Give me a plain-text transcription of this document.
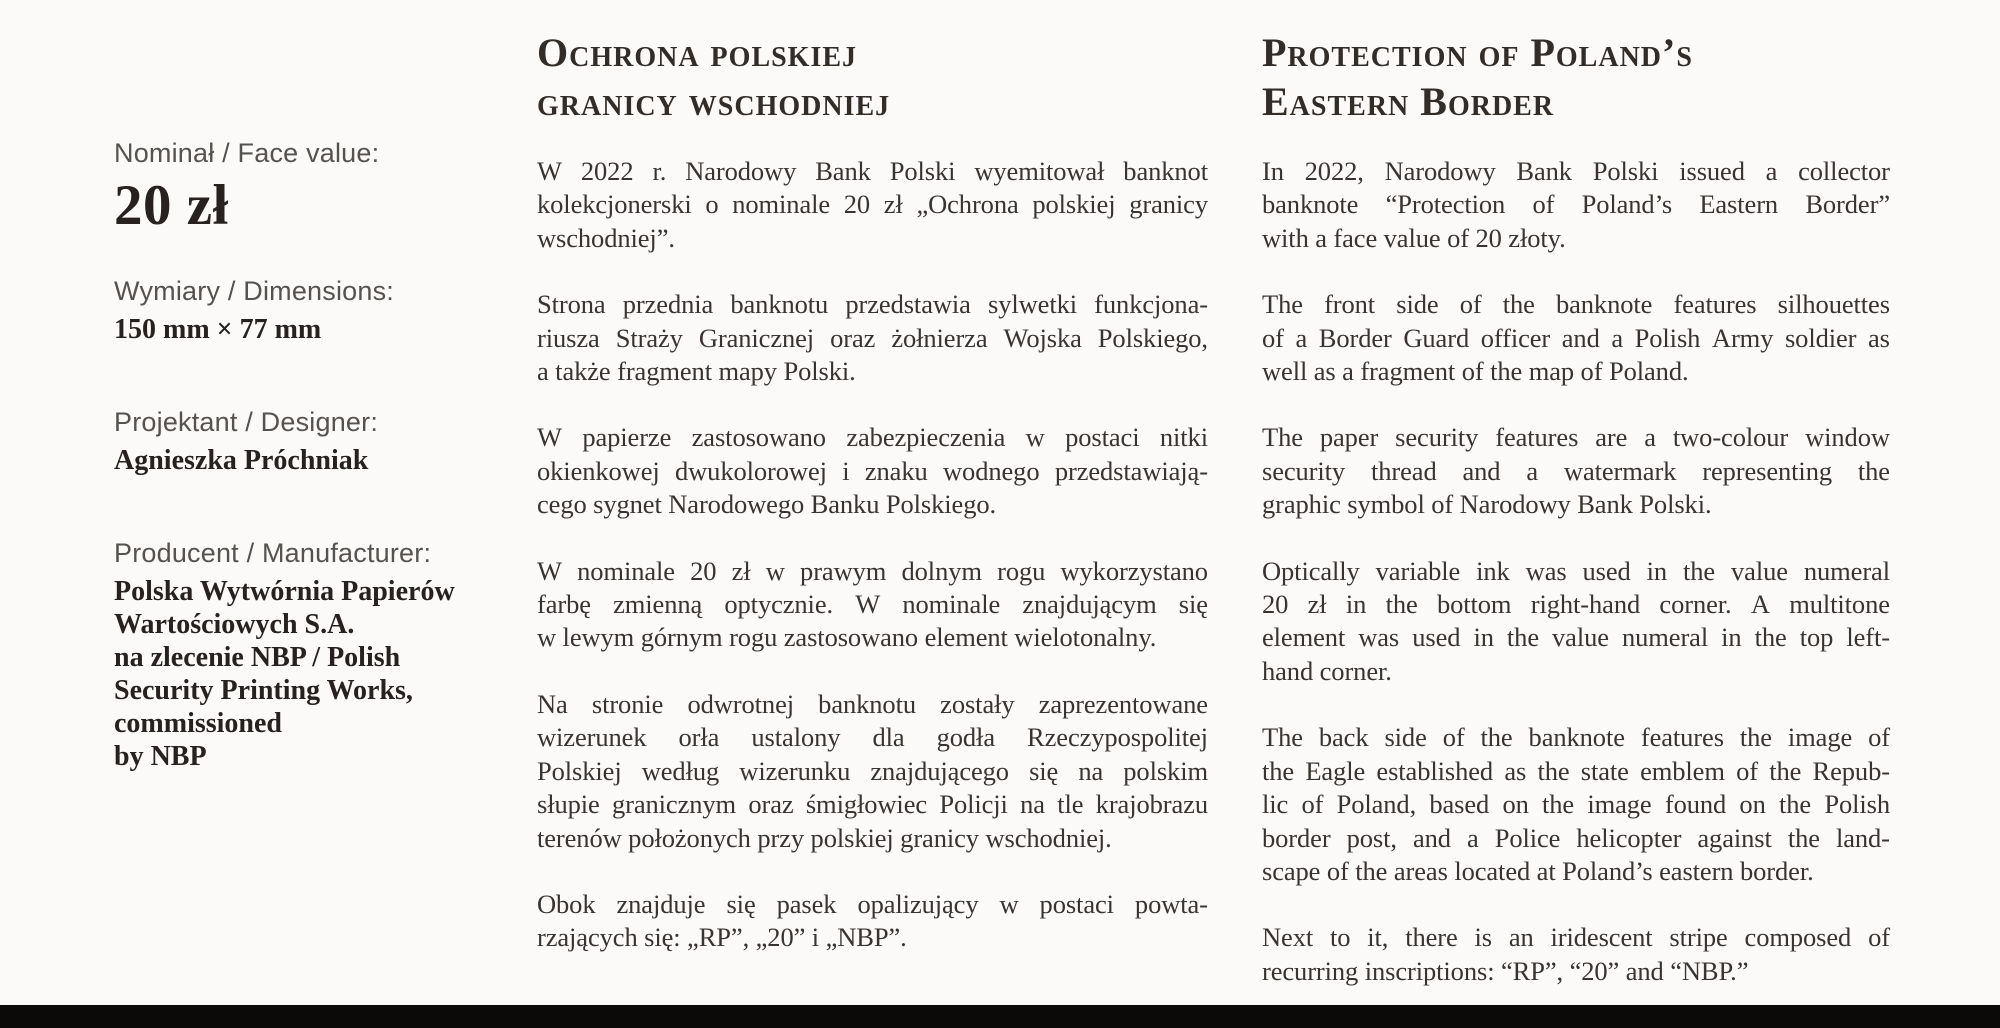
Nominał / Face value:
20 zł
Wymiary / Dimensions:
150 mm × 77 mm
Projektant / Designer:
Agnieszka Próchniak
Producent / Manufacturer:
Polska Wytwórnia Papierów
Wartościowych S.A.
na zlecenie NBP / Polish
Security Printing Works,
commissioned
by NBP
Ochrona polskiej
granicy wschodniej
W 2022 r. Narodowy Bank Polski wyemitował banknot
kolekcjonerski o nominale 20 zł „Ochrona polskiej granicy
wschodniej”.
Strona przednia banknotu przedstawia sylwetki funkcjona-
riusza Straży Granicznej oraz żołnierza Wojska Polskiego,
a także fragment mapy Polski.
W papierze zastosowano zabezpieczenia w postaci nitki
okienkowej dwukolorowej i znaku wodnego przedstawiają-
cego sygnet Narodowego Banku Polskiego.
W nominale 20 zł w prawym dolnym rogu wykorzystano
farbę zmienną optycznie. W nominale znajdującym się
w lewym górnym rogu zastosowano element wielotonalny.
Na stronie odwrotnej banknotu zostały zaprezentowane
wizerunek orła ustalony dla godła Rzeczypospolitej
Polskiej według wizerunku znajdującego się na polskim
słupie granicznym oraz śmigłowiec Policji na tle krajobrazu
terenów położonych przy polskiej granicy wschodniej.
Obok znajduje się pasek opalizujący w postaci powta-
rzających się: „RP”, „20” i „NBP”.
Protection of Poland’s
Eastern Border
In 2022, Narodowy Bank Polski issued a collector
banknote “Protection of Poland’s Eastern Border”
with a face value of 20 złoty.
The front side of the banknote features silhouettes
of a Border Guard officer and a Polish Army soldier as
well as a fragment of the map of Poland.
The paper security features are a two-colour window
security thread and a watermark representing the
graphic symbol of Narodowy Bank Polski.
Optically variable ink was used in the value numeral
20 zł in the bottom right-hand corner. A multitone
element was used in the value numeral in the top left-
hand corner.
The back side of the banknote features the image of
the Eagle established as the state emblem of the Repub-
lic of Poland, based on the image found on the Polish
border post, and a Police helicopter against the land-
scape of the areas located at Poland’s eastern border.
Next to it, there is an iridescent stripe composed of
recurring inscriptions: “RP”, “20” and “NBP.”
